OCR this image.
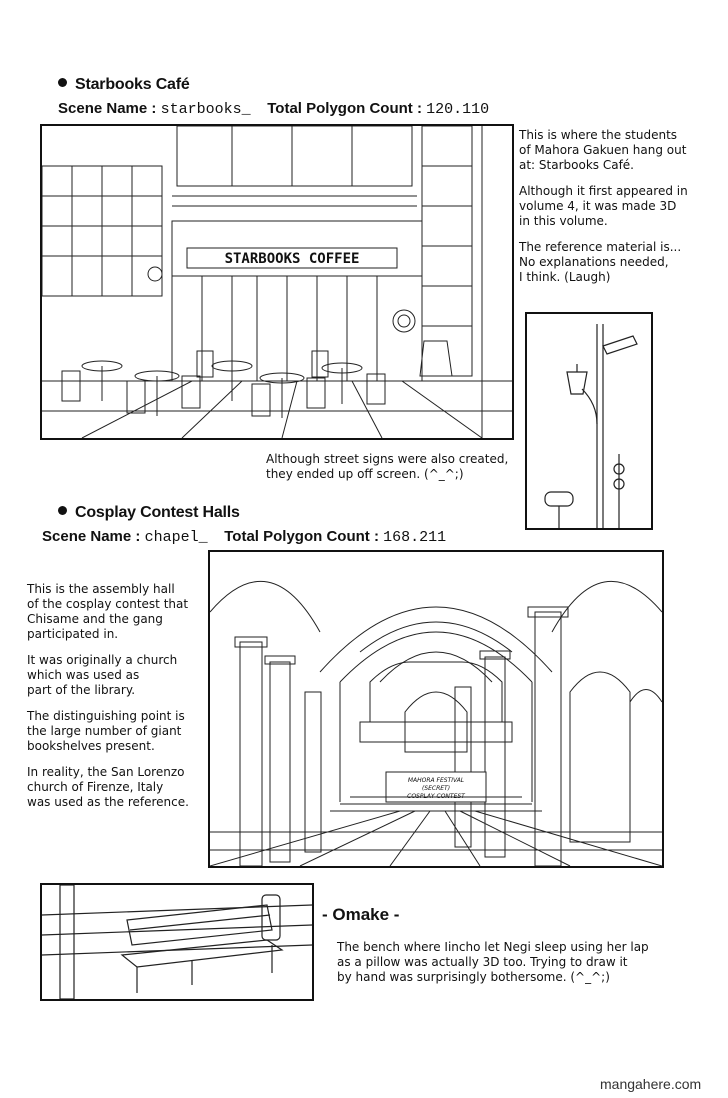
Starbooks Café
Scene Name : starbooks_ Total Polygon Count : 120.110
STARBOOKS COFFEE

This is where the students
of Mahora Gakuen hang out
at: Starbooks Café.

Although it first appeared in
volume 4, it was made 3D
in this volume.

The reference material is...
No explanations needed,
I think. (Laugh)

Although street signs were also created,
they ended up off screen. (^_^;)
Cosplay Contest Halls
Scene Name : chapel_ Total Polygon Count : 168.211

This is the assembly hall
of the cosplay contest that
Chisame and the gang
participated in.

It was originally a church
which was used as
part of the library.

The distinguishing point is
the large number of giant
bookshelves present.

In reality, the San Lorenzo
church of Firenze, Italy
was used as the reference.

MAHORA FESTIVAL
(SECRET)
COSPLAY CONTEST
- Omake -
The bench where Iincho let Negi sleep using her lap
as a pillow was actually 3D too. Trying to draw it
by hand was surprisingly bothersome. (^_^;)
mangahere.com
